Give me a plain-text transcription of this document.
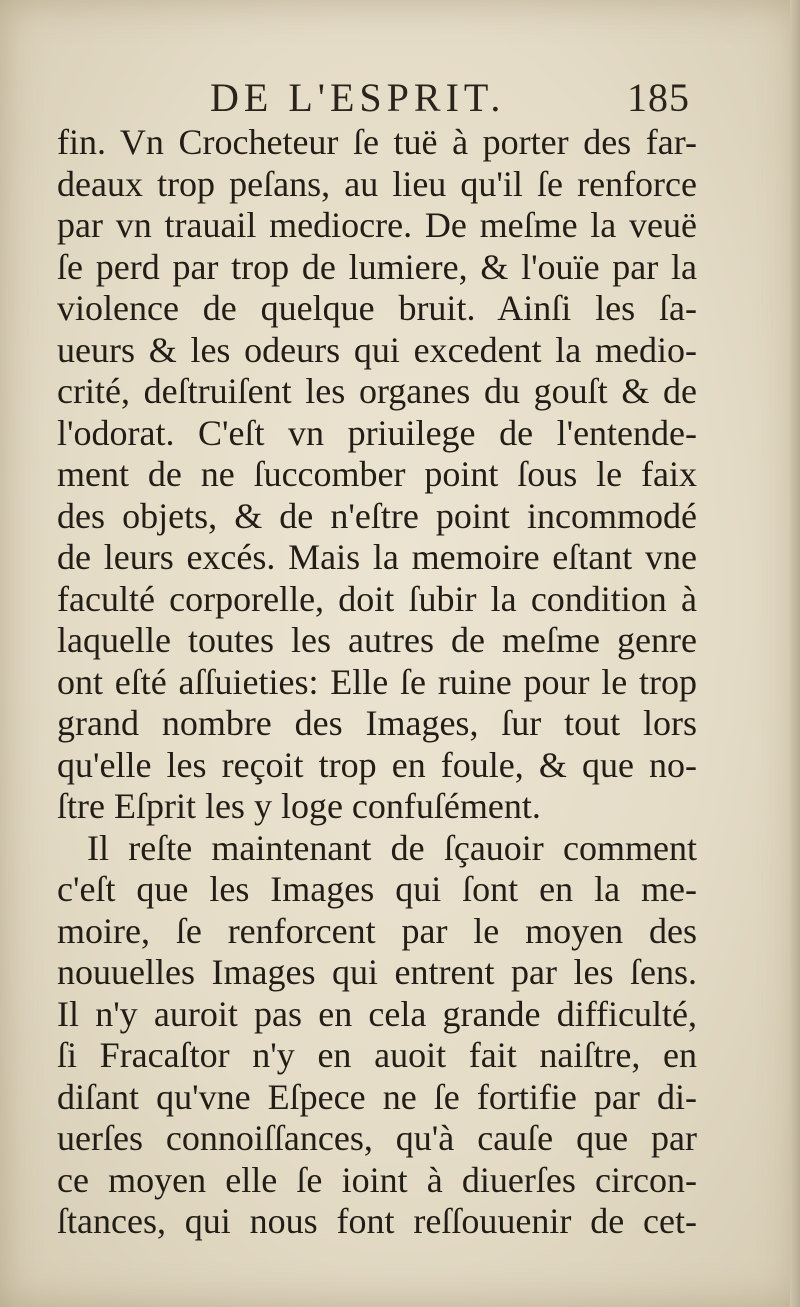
DE L'ESPRIT.	185
fin. Vn Crocheteur ſe tuë à porter des far-
deaux trop peſans, au lieu qu'il ſe renforce
par vn trauail mediocre. De meſme la veuë
ſe perd par trop de lumiere, & l'ouïe par la
violence de quelque bruit. Ainſi les ſa-
ueurs & les odeurs qui excedent la medio-
crité, deſtruiſent les organes du gouſt & de
l'odorat. C'eſt vn priuilege de l'entende-
ment de ne ſuccomber point ſous le faix
des objets, & de n'eſtre point incommodé
de leurs excés. Mais la memoire eſtant vne
faculté corporelle, doit ſubir la condition à
laquelle toutes les autres de meſme genre
ont eſté aſſuieties: Elle ſe ruine pour le trop
grand nombre des Images, ſur tout lors
qu'elle les reçoit trop en foule, & que no-
ſtre Eſprit les y loge confuſément.
Il reſte maintenant de ſçauoir comment
c'eſt que les Images qui ſont en la me-
moire, ſe renforcent par le moyen des
nouuelles Images qui entrent par les ſens.
Il n'y auroit pas en cela grande difficulté,
ſi Fracaſtor n'y en auoit fait naiſtre, en
diſant qu'vne Eſpece ne ſe fortifie par di-
uerſes connoiſſances, qu'à cauſe que par
ce moyen elle ſe ioint à diuerſes circon-
ſtances, qui nous font reſſouuenir de cet-
